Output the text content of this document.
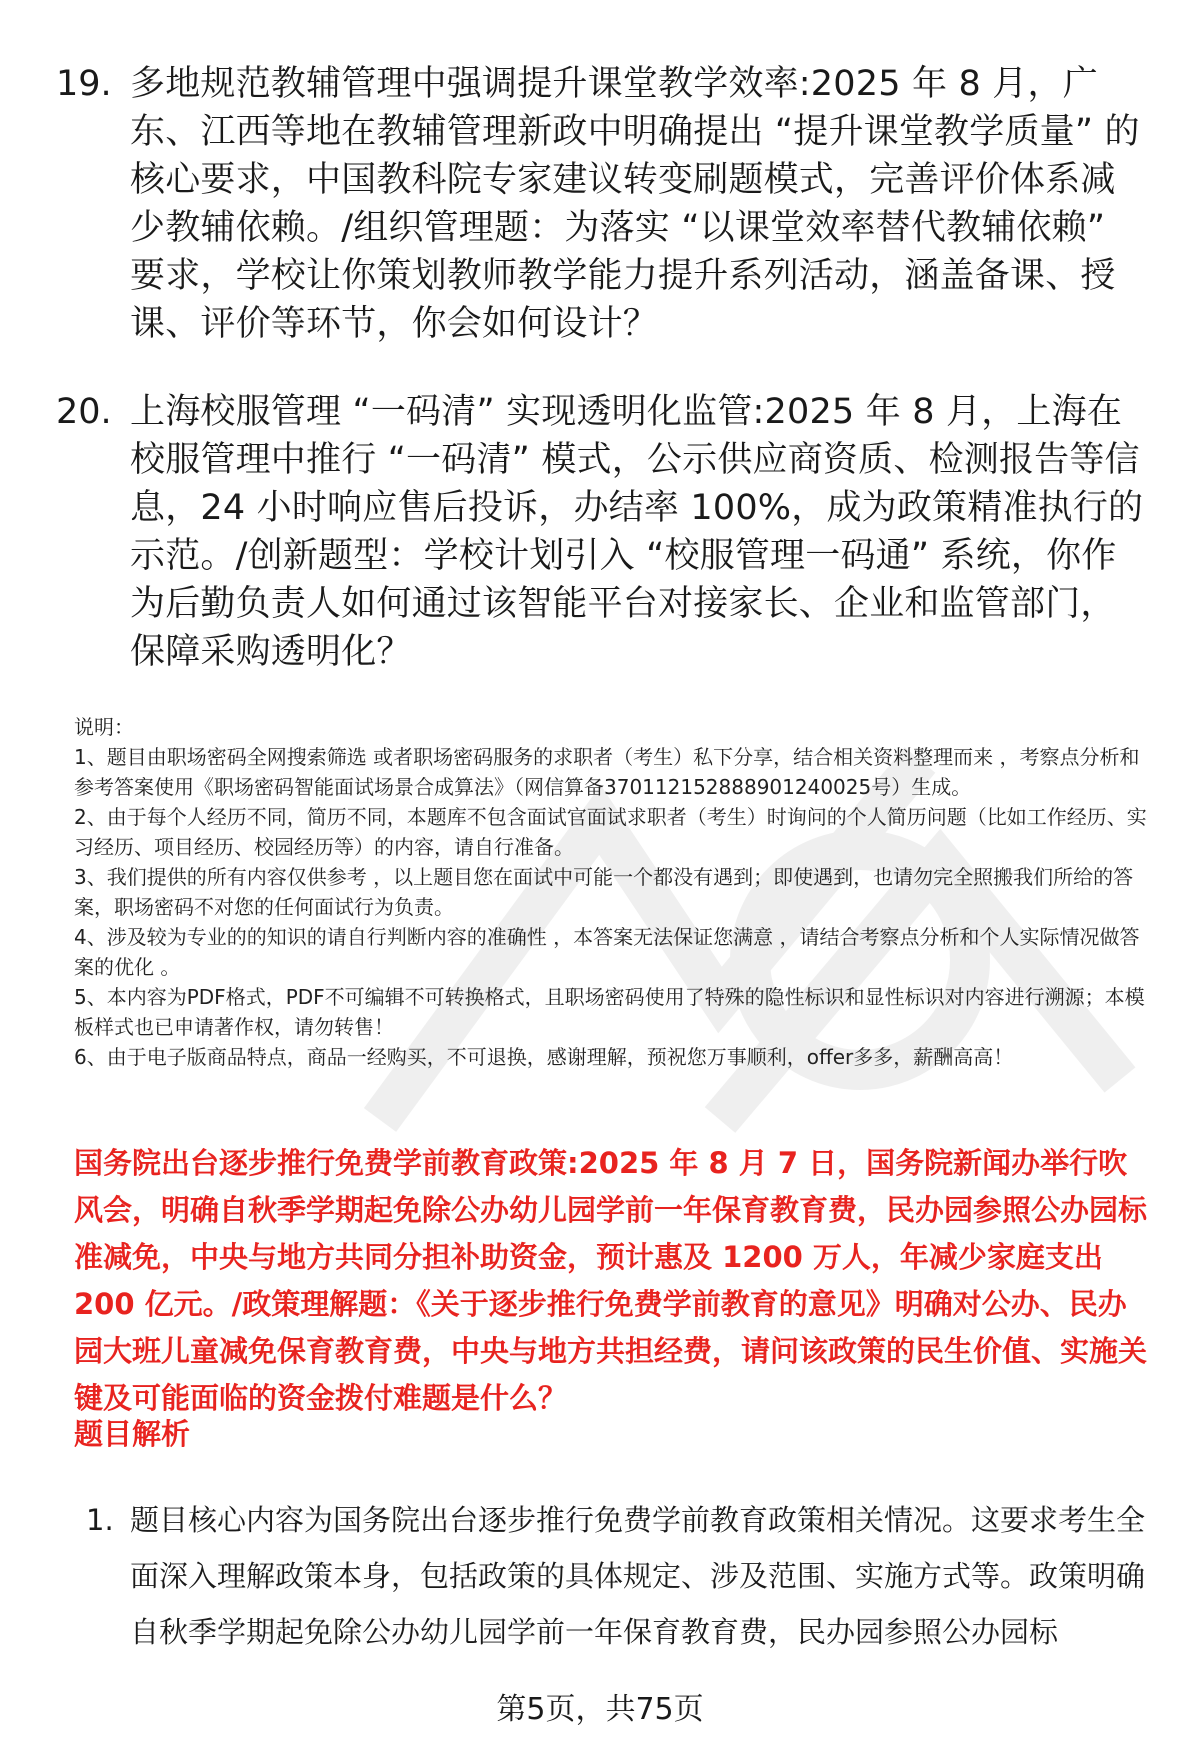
19. 多地规范教辅管理中强调提升课堂教学效率:2025 年 8 月，广东、江西等地在教辅管理新政中明确提出 “提升课堂教学质量” 的核心要求，中国教科院专家建议转变刷题模式，完善评价体系减少教辅依赖。/组织管理题：为落实 “以课堂效率替代教辅依赖” 要求，学校让你策划教师教学能力提升系列活动，涵盖备课、授课、评价等环节，你会如何设计？
20. 上海校服管理 “一码清” 实现透明化监管:2025 年 8 月，上海在校服管理中推行 “一码清” 模式，公示供应商资质、检测报告等信息，24 小时响应售后投诉，办结率 100%，成为政策精准执行的示范。/创新题型：学校计划引入 “校服管理一码通” 系统，你作为后勤负责人如何通过该智能平台对接家长、企业和监管部门，保障采购透明化？

说明：

1、题目由职场密码全网搜索筛选 或者职场密码服务的求职者（考生）私下分享，结合相关资料整理而来 ，考察点分析和参考答案使用《职场密码智能面试场景合成算法》（网信算备370112152888901240025号）生成。

2、由于每个人经历不同，简历不同，本题库不包含面试官面试求职者（考生）时询问的个人简历问题（比如工作经历、实习经历、项目经历、校园经历等）的内容，请自行准备。

3、我们提供的所有内容仅供参考 ，以上题目您在面试中可能一个都没有遇到；即使遇到，也请勿完全照搬我们所给的答案，职场密码不对您的任何面试行为负责。

4、涉及较为专业的的知识的请自行判断内容的准确性 ，本答案无法保证您满意 ，请结合考察点分析和个人实际情况做答案的优化 。

5、本内容为PDF格式，PDF不可编辑不可转换格式，且职场密码使用了特殊的隐性标识和显性标识对内容进行溯源；本模板样式也已申请著作权，请勿转售！

6、由于电子版商品特点，商品一经购买，不可退换，感谢理解，预祝您万事顺利，offer多多，薪酬高高！

国务院出台逐步推行免费学前教育政策:2025 年 8 月 7 日，国务院新闻办举行吹风会，明确自秋季学期起免除公办幼儿园学前一年保育教育费，民办园参照公办园标准减免，中央与地方共同分担补助资金，预计惠及 1200 万人，年减少家庭支出 200 亿元。/政策理解题：《关于逐步推行免费学前教育的意见》明确对公办、民办园大班儿童减免保育教育费，中央与地方共担经费，请问该政策的民生价值、实施关键及可能面临的资金拨付难题是什么？
题目解析
1. 题目核心内容为国务院出台逐步推行免费学前教育政策相关情况。这要求考生全面深入理解政策本身，包括政策的具体规定、涉及范围、实施方式等。政策明确自秋季学期起免除公办幼儿园学前一年保育教育费，民办园参照公办园标
第5页，共75页
